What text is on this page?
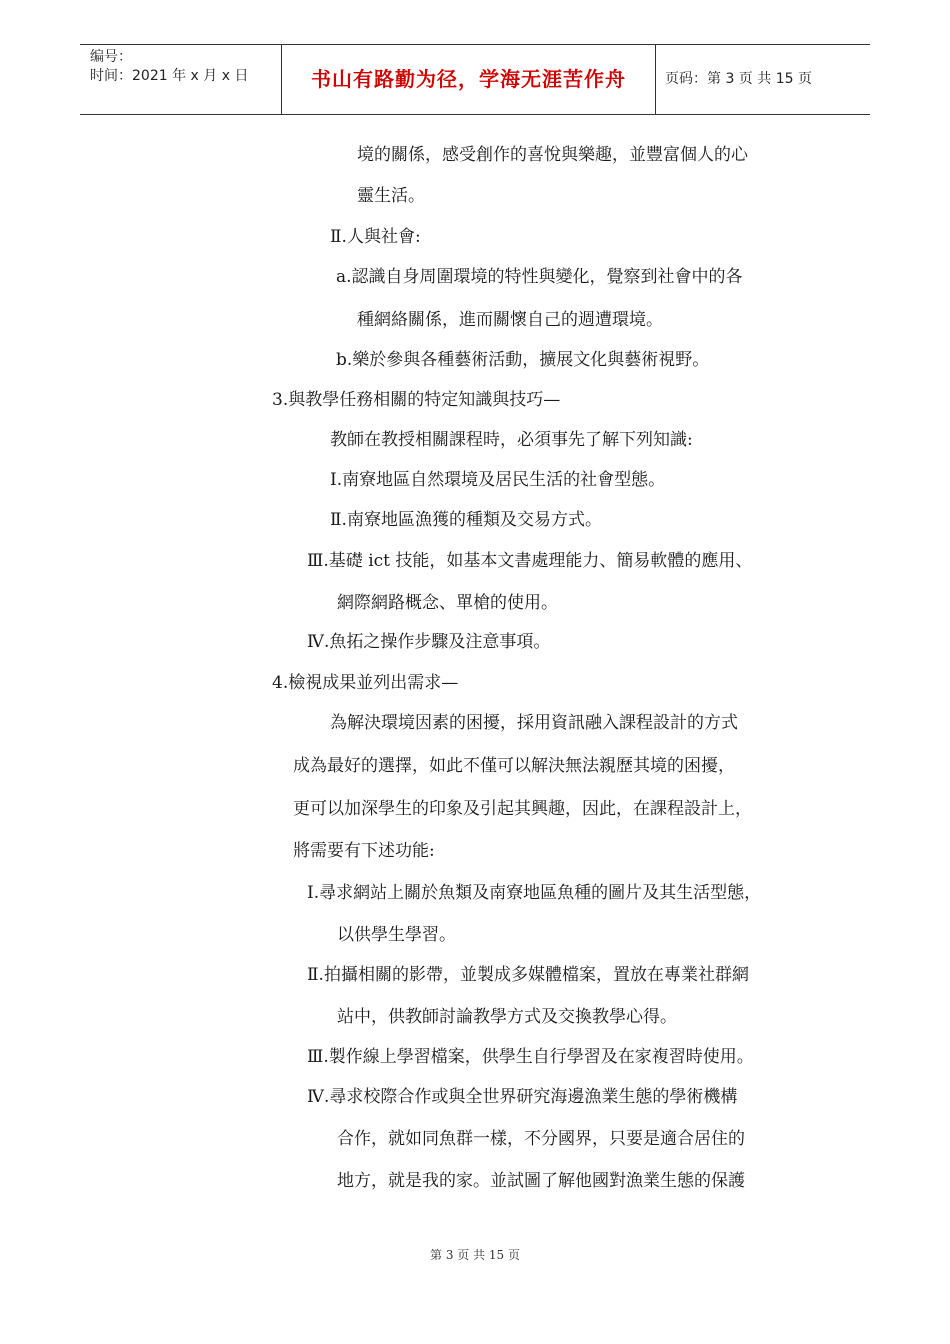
编号：
时间：2021 年 x 月 x 日	书山有路勤为径，学海无涯苦作舟	页码：第 3 页 共 15 页
境的關係，感受創作的喜悅與樂趣，並豐富個人的心
靈生活。
Ⅱ.人與社會:
a.認識自身周圍環境的特性與變化，覺察到社會中的各
種網絡關係，進而關懷自己的週遭環境。
b.樂於參與各種藝術活動，擴展文化與藝術視野。
3.與教學任務相關的特定知識與技巧—
教師在教授相關課程時，必須事先了解下列知識:
Ⅰ.南寮地區自然環境及居民生活的社會型態。
Ⅱ.南寮地區漁獲的種類及交易方式。
Ⅲ.基礎 ict 技能，如基本文書處理能力、簡易軟體的應用、
網際網路概念、單槍的使用。
Ⅳ.魚拓之操作步驟及注意事項。
4.檢視成果並列出需求—
為解決環境因素的困擾，採用資訊融入課程設計的方式
成為最好的選擇，如此不僅可以解決無法親歷其境的困擾，
更可以加深學生的印象及引起其興趣，因此，在課程設計上，
將需要有下述功能:
Ⅰ.尋求網站上關於魚類及南寮地區魚種的圖片及其生活型態，
以供學生學習。
Ⅱ.拍攝相關的影帶，並製成多媒體檔案，置放在專業社群網
站中，供教師討論教學方式及交換教學心得。
Ⅲ.製作線上學習檔案，供學生自行學習及在家複習時使用。
Ⅳ.尋求校際合作或與全世界研究海邊漁業生態的學術機構
合作，就如同魚群一樣，不分國界，只要是適合居住的
地方，就是我的家。並試圖了解他國對漁業生態的保護
第 3 页 共 15 页
